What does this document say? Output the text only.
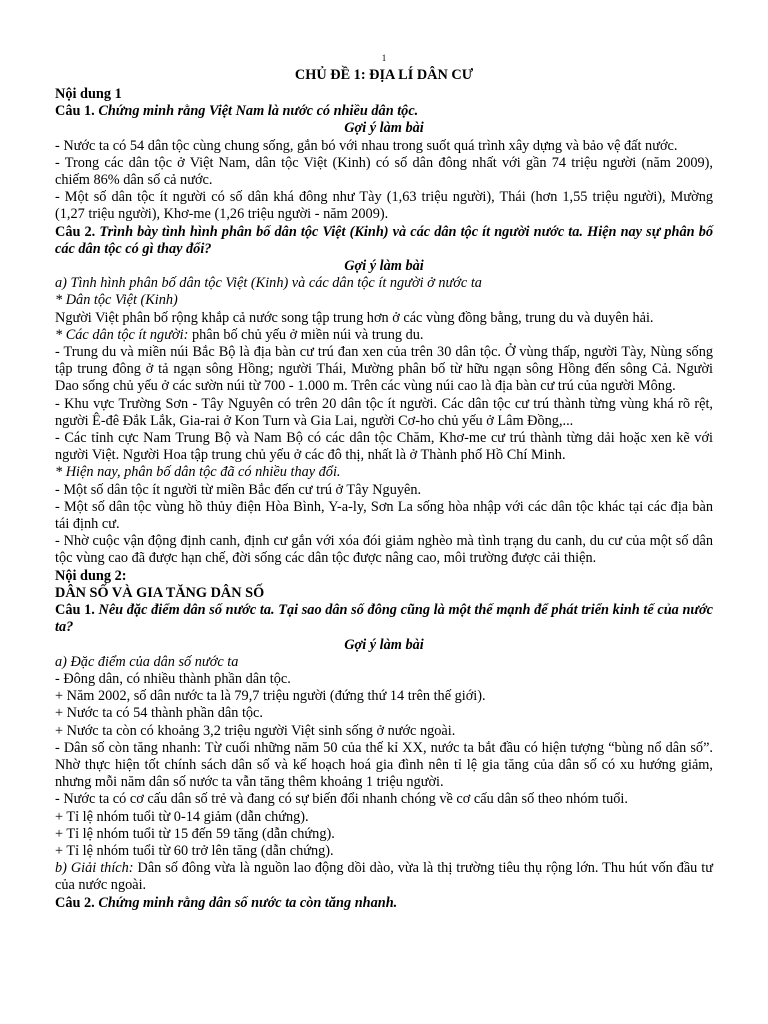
1
CHỦ ĐỀ 1: ĐỊA LÍ DÂN CƯ

Nội dung 1

Câu 1. Chứng minh rằng Việt Nam là nước có nhiều dân tộc.

Gợi ý làm bài

- Nước ta có 54 dân tộc cùng chung sống, gắn bó với nhau trong suốt quá trình xây dựng và bảo vệ đất nước.

- Trong các dân tộc ở Việt Nam, dân tộc Việt (Kinh) có số dân đông nhất với gần 74 triệu người (năm 2009), chiếm 86% dân số cả nước.

- Một số dân tộc ít người có số dân khá đông như Tày (1,63 triệu người), Thái (hơn 1,55 triệu người), Mường (1,27 triệu người), Khơ-me (1,26 triệu người - năm 2009).

Câu 2. Trình bày tình hình phân bố dân tộc Việt (Kinh) và các dân tộc ít người nước ta. Hiện nay sự phân bố các dân tộc có gì thay đổi?

Gợi ý làm bài

a) Tình hình phân bố dân tộc Việt (Kinh) và các dân tộc ít người ở nước ta

* Dân tộc Việt (Kinh)

Người Việt phân bố rộng khắp cả nước song tập trung hơn ở các vùng đồng bằng, trung du và duyên hải.

* Các dân tộc ít người: phân bố chủ yếu ở miền núi và trung du.

- Trung du và miền núi Bắc Bộ là địa bàn cư trú đan xen của trên 30 dân tộc. Ở vùng thấp, người Tày, Nùng sống tập trung đông ở tả ngạn sông Hồng; người Thái, Mường phân bố từ hữu ngạn sông Hồng đến sông Cả. Người Dao sống chủ yếu ở các sườn núi từ 700 - 1.000 m. Trên các vùng núi cao là địa bàn cư trú của người Mông.

- Khu vực Trường Sơn - Tây Nguyên có trên 20 dân tộc ít người. Các dân tộc cư trú thành từng vùng khá rõ rệt, người Ê-đê Đắk Lắk, Gia-rai ở Kon Turn và Gia Lai, người Cơ-ho chủ yếu ở Lâm Đồng,...

- Các tỉnh cực Nam Trung Bộ và Nam Bộ có các dân tộc Chăm, Khơ-me cư trú thành từng dải hoặc xen kẽ với người Việt. Người Hoa tập trung chủ yếu ở các đô thị, nhất là ở Thành phố Hồ Chí Minh.

* Hiện nay, phân bố dân tộc đã có nhiều thay đổi.

- Một số dân tộc ít người từ miền Bắc đến cư trú ở Tây Nguyên.

- Một số dân tộc vùng hồ thủy điện Hòa Bình, Y-a-ly, Sơn La sống hòa nhập với các dân tộc khác tại các địa bàn tái định cư.

- Nhờ cuộc vận động định canh, định cư gắn với xóa đói giảm nghèo mà tình trạng du canh, du cư của một số dân tộc vùng cao đã được hạn chế, đời sống các dân tộc được nâng cao, môi trường được cải thiện.

Nội dung 2:

DÂN SỐ VÀ GIA TĂNG DÂN SỐ

Câu 1. Nêu đặc điểm dân số nước ta. Tại sao dân số đông cũng là một thế mạnh để phát triển kinh tế của nước ta?

Gợi ý làm bài

a) Đặc điểm của dân số nước ta

- Đông dân, có nhiều thành phần dân tộc.

+ Năm 2002, số dân nước ta là 79,7 triệu người (đứng thứ 14 trên thế giới).

+ Nước ta có 54 thành phần dân tộc.

+ Nước ta còn có khoảng 3,2 triệu người Việt sinh sống ở nước ngoài.

- Dân số còn tăng nhanh: Từ cuối những năm 50 của thế kỉ XX, nước ta bắt đầu có hiện tượng “bùng nổ dân số”. Nhờ thực hiện tốt chính sách dân số và kế hoạch hoá gia đình nên tỉ lệ gia tăng của dân số có xu hướng giảm, nhưng mỗi năm dân số nước ta vẫn tăng thêm khoảng 1 triệu người.

- Nước ta có cơ cấu dân số trẻ và đang có sự biến đổi nhanh chóng về cơ cấu dân số theo nhóm tuổi.

+ Tỉ lệ nhóm tuổi từ 0-14 giảm (dẫn chứng).

+ Tỉ lệ nhóm tuổi từ 15 đến 59 tăng (dẫn chứng).

+ Tỉ lệ nhóm tuổi từ 60 trở lên tăng (dẫn chứng).

b) Giải thích: Dân số đông vừa là nguồn lao động dồi dào, vừa là thị trường tiêu thụ rộng lớn. Thu hút vốn đầu tư của nước ngoài.

Câu 2. Chứng minh rằng dân số nước ta còn tăng nhanh.
